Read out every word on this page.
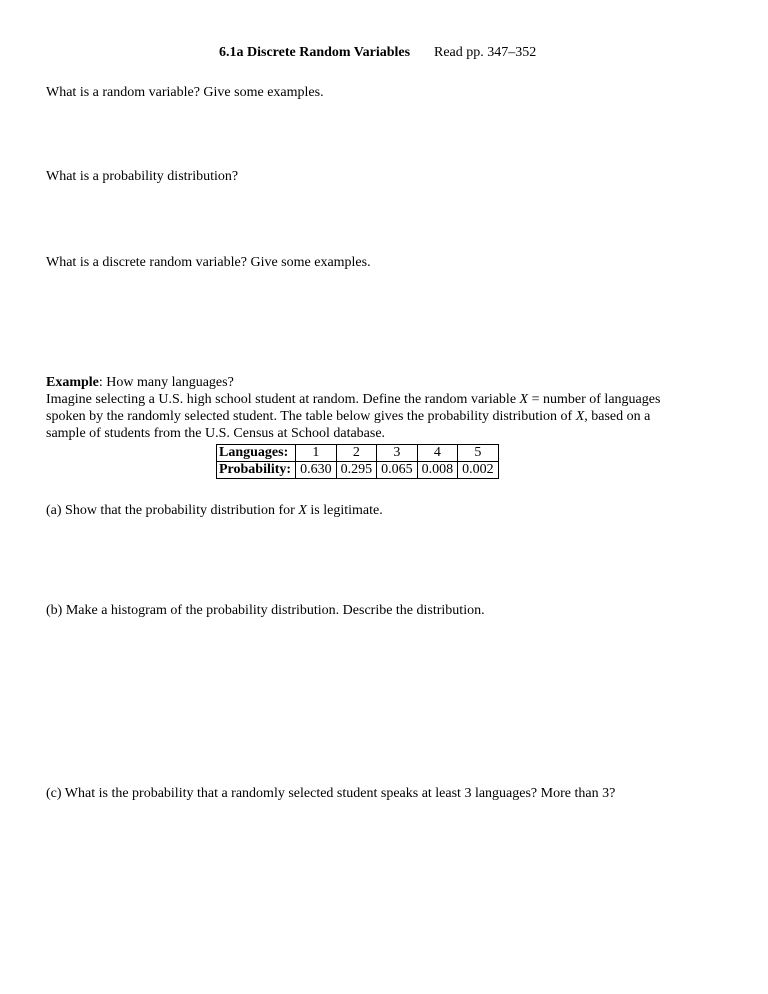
6.1a Discrete Random Variables Read pp. 347–352

What is a random variable? Give some examples.

What is a probability distribution?

What is a discrete random variable? Give some examples.

Example: How many languages?

Imagine selecting a U.S. high school student at random. Define the random variable X = number of languages

spoken by the randomly selected student. The table below gives the probability distribution of X, based on a

sample of students from the U.S. Census at School database.

Languages:	1	2	3	4	5
Probability:	0.630	0.295	0.065	0.008	0.002

(a) Show that the probability distribution for X is legitimate.

(b) Make a histogram of the probability distribution. Describe the distribution.

(c) What is the probability that a randomly selected student speaks at least 3 languages? More than 3?
